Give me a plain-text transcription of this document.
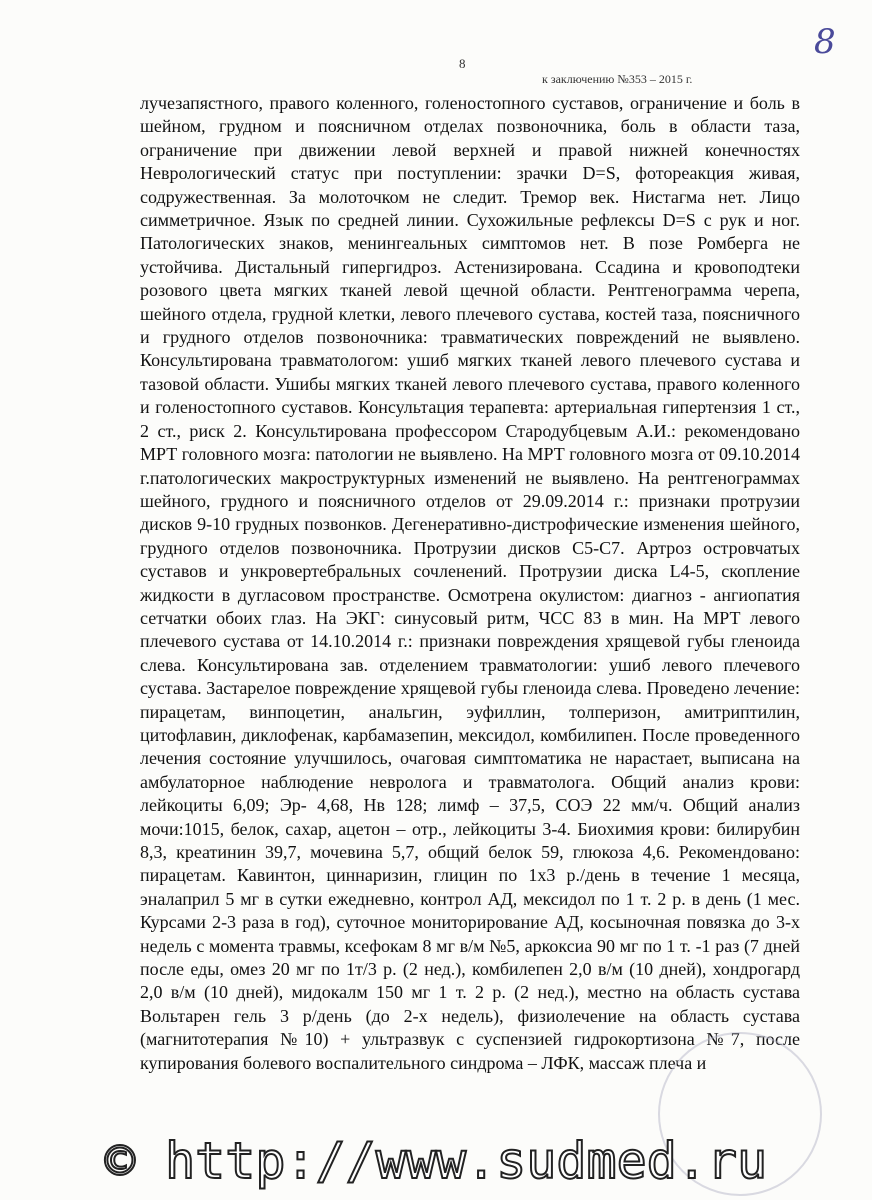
8
8
к заключению №353 – 2015 г.

лучезапястного, правого коленного, голеностопного суставов, ограничение и боль в шейном, грудном и поясничном отделах позвоночника, боль в области таза, ограничение при движении левой верхней и правой нижней конечностях Неврологический статус при поступлении: зрачки D=S, фотореакция живая, содружественная. За молоточком не следит. Тремор век. Нистагма нет. Лицо симметричное. Язык по средней линии. Сухожильные рефлексы D=S с рук и ног. Патологических знаков, менингеальных симптомов нет. В позе Ромберга не устойчива. Дистальный гипергидроз. Астенизирована. Ссадина и кровоподтеки розового цвета мягких тканей левой щечной области. Рентгенограмма черепа, шейного отдела, грудной клетки, левого плечевого сустава, костей таза, поясничного и грудного отделов позвоночника: травматических повреждений не выявлено. Консультирована травматологом: ушиб мягких тканей левого плечевого сустава и тазовой области. Ушибы мягких тканей левого плечевого сустава, правого коленного и голеностопного суставов. Консультация терапевта: артериальная гипертензия 1 ст., 2 ст., риск 2. Консультирована профессором Стародубцевым А.И.: рекомендовано МРТ головного мозга: патологии не выявлено. На МРТ головного мозга от 09.10.2014 г.патологических макроструктурных изменений не выявлено. На рентгенограммах шейного, грудного и поясничного отделов от 29.09.2014 г.: признаки протрузии дисков 9-10 грудных позвонков. Дегенеративно-дистрофические изменения шейного, грудного отделов позвоночника. Протрузии дисков С5-С7. Артроз островчатых суставов и ункровертебральных сочленений. Протрузии диска L4-5, скопление жидкости в дугласовом пространстве. Осмотрена окулистом: диагноз - ангиопатия сетчатки обоих глаз. На ЭКГ: синусовый ритм, ЧСС 83 в мин. На МРТ левого плечевого сустава от 14.10.2014 г.: признаки повреждения хрящевой губы гленоида слева. Консультирована зав. отделением травматологии: ушиб левого плечевого сустава. Застарелое повреждение хрящевой губы гленоида слева. Проведено лечение: пирацетам, винпоцетин, анальгин, эуфиллин, толперизон, амитриптилин, цитофлавин, диклофенак, карбамазепин, мексидол, комбилипен. После проведенного лечения состояние улучшилось, очаговая симптоматика не нарастает, выписана на амбулаторное наблюдение невролога и травматолога. Общий анализ крови: лейкоциты 6,09; Эр- 4,68, Нв 128; лимф – 37,5, СОЭ 22 мм/ч. Общий анализ мочи:1015, белок, сахар, ацетон – отр., лейкоциты 3-4. Биохимия крови: билирубин 8,3, креатинин 39,7, мочевина 5,7, общий белок 59, глюкоза 4,6. Рекомендовано: пирацетам. Кавинтон, циннаризин, глицин по 1х3 р./день в течение 1 месяца, эналаприл 5 мг в сутки ежедневно, контрол АД, мексидол по 1 т. 2 р. в день (1 мес. Курсами 2-3 раза в год), суточное мониторирование АД, косыночная повязка до 3-х недель с момента травмы, ксефокам 8 мг в/м №5, аркоксиа 90 мг по 1 т. -1 раз (7 дней после еды, омез 20 мг по 1т/3 р. (2 нед.), комбилепен 2,0 в/м (10 дней), хондрогард 2,0 в/м (10 дней), мидокалм 150 мг 1 т. 2 р. (2 нед.), местно на область сустава Вольтарен гель 3 р/день (до 2-х недель), физиолечение на область сустава (магнитотерапия №10) + ультразвук с суспензией гидрокортизона №7, после купирования болевого воспалительного синдрома – ЛФК, массаж плеча и

© http://www.sudmed.ru
